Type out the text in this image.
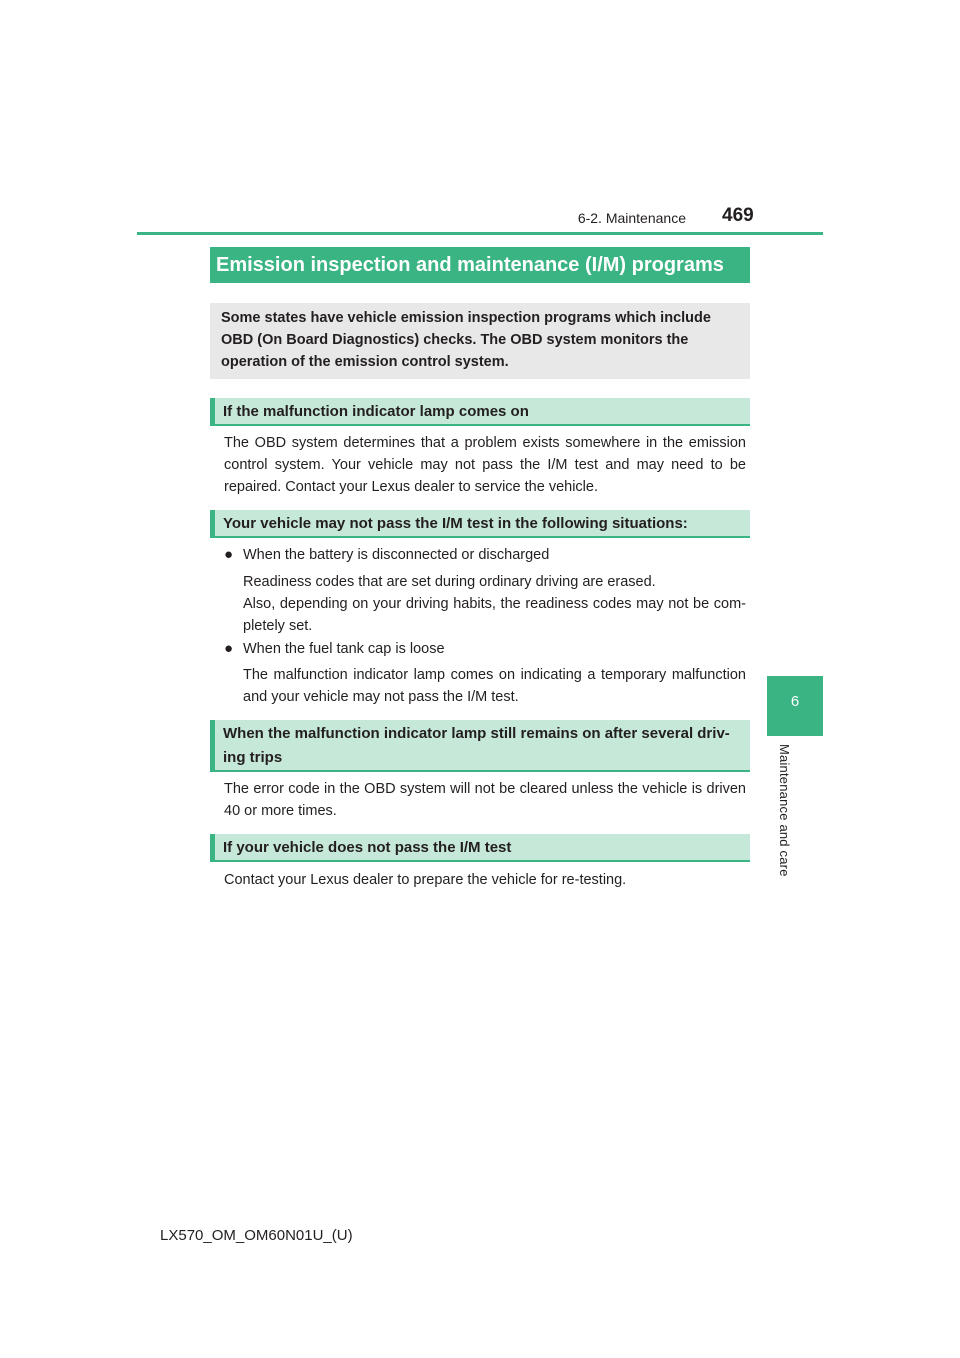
6-2. Maintenance 469
6
Maintenance and care
Emission inspection and maintenance (I/M) programs
Some states have vehicle emission inspection programs which include OBD (On Board Diagnostics) checks. The OBD system monitors the operation of the emission control system.
If the malfunction indicator lamp comes on
The OBD system determines that a problem exists somewhere in the emission control system. Your vehicle may not pass the I/M test and may need to be repaired. Contact your Lexus dealer to service the vehicle.
Your vehicle may not pass the I/M test in the following situations:
● When the battery is disconnected or discharged
Readiness codes that are set during ordinary driving are erased.
Also, depending on your driving habits, the readiness codes may not be com-pletely set.
● When the fuel tank cap is loose
The malfunction indicator lamp comes on indicating a temporary malfunction and your vehicle may not pass the I/M test.
When the malfunction indicator lamp still remains on after several driv-ing trips
The error code in the OBD system will not be cleared unless the vehicle is driven 40 or more times.
If your vehicle does not pass the I/M test
Contact your Lexus dealer to prepare the vehicle for re-testing.
LX570_OM_OM60N01U_(U)
